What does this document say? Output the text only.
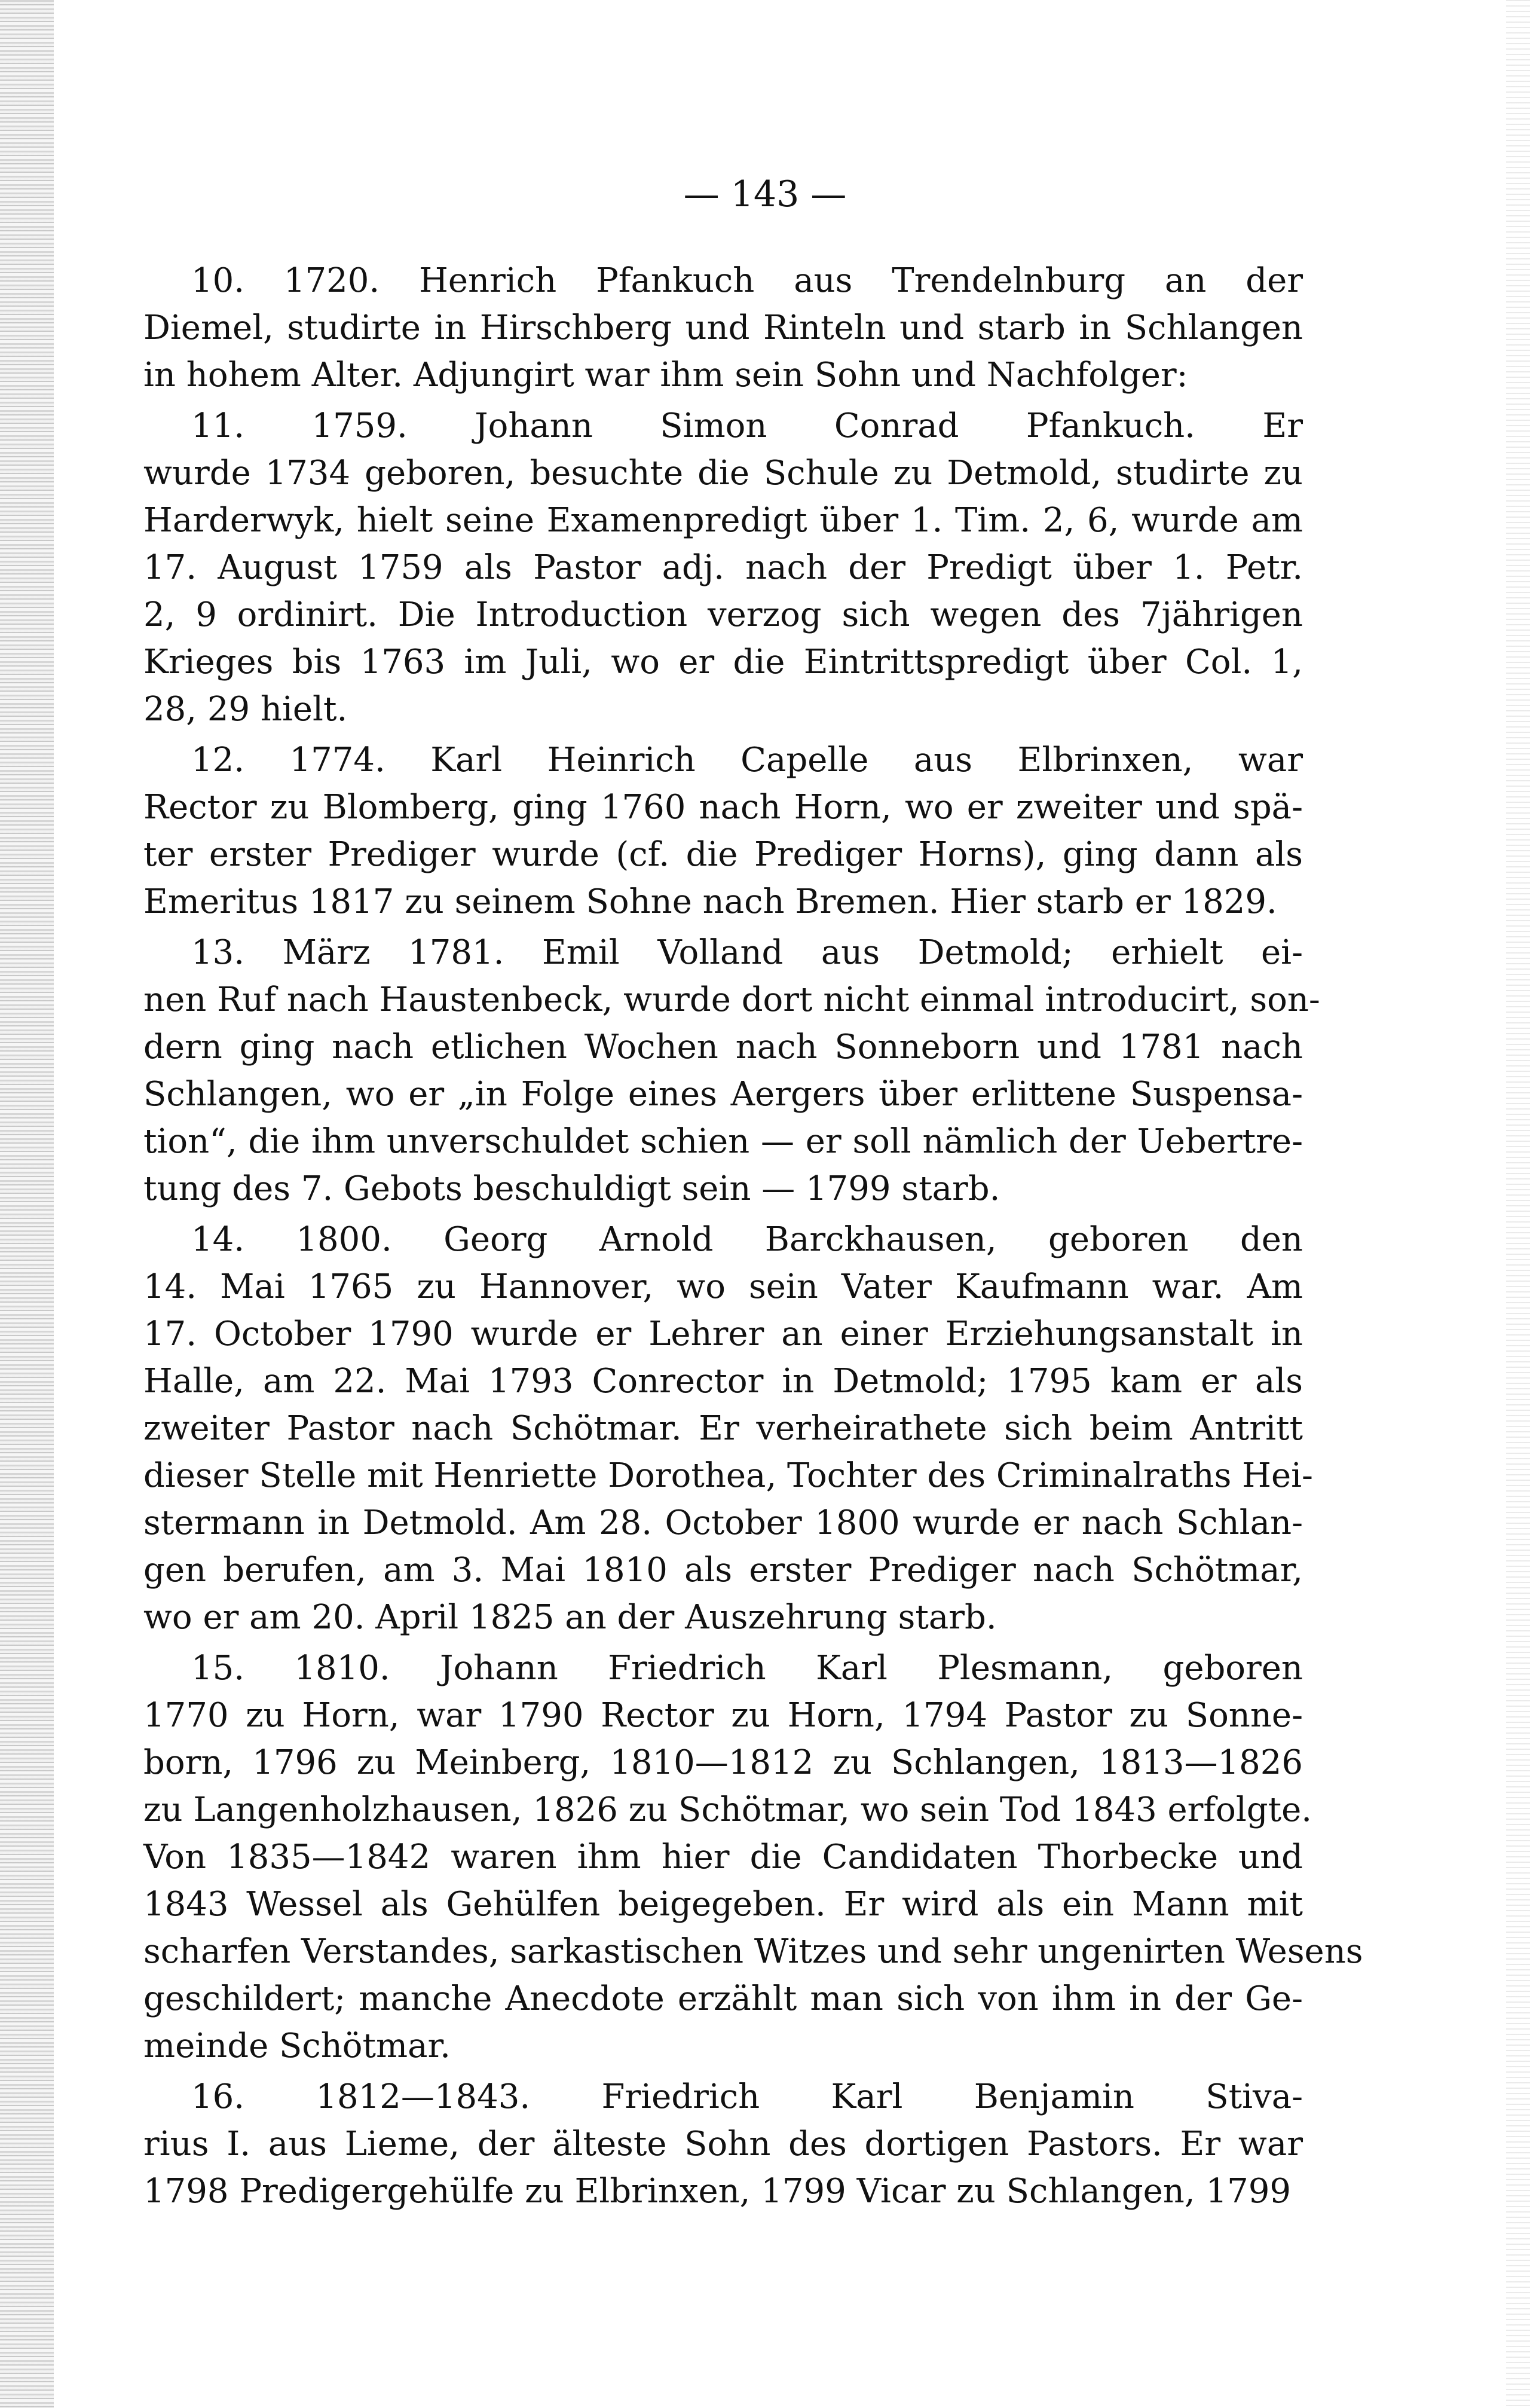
— 143 —
10. 1720. Henrich Pfankuch aus Trendelnburg an der
Diemel, studirte in Hirschberg und Rinteln und starb in Schlangen
in hohem Alter. Adjungirt war ihm sein Sohn und Nachfolger:
11. 1759. Johann Simon Conrad Pfankuch. Er
wurde 1734 geboren, besuchte die Schule zu Detmold, studirte zu
Harderwyk, hielt seine Examenpredigt über 1. Tim. 2, 6, wurde am
17. August 1759 als Pastor adj. nach der Predigt über 1. Petr.
2, 9 ordinirt. Die Introduction verzog sich wegen des 7jährigen
Krieges bis 1763 im Juli, wo er die Eintrittspredigt über Col. 1,
28, 29 hielt.
12. 1774. Karl Heinrich Capelle aus Elbrinxen, war
Rector zu Blomberg, ging 1760 nach Horn, wo er zweiter und spä-
ter erster Prediger wurde (cf. die Prediger Horns), ging dann als
Emeritus 1817 zu seinem Sohne nach Bremen. Hier starb er 1829.
13. März 1781. Emil Volland aus Detmold; erhielt ei-
nen Ruf nach Haustenbeck, wurde dort nicht einmal introducirt, son-
dern ging nach etlichen Wochen nach Sonneborn und 1781 nach
Schlangen, wo er „in Folge eines Aergers über erlittene Suspensa-
tion“, die ihm unverschuldet schien — er soll nämlich der Uebertre-
tung des 7. Gebots beschuldigt sein — 1799 starb.
14. 1800. Georg Arnold Barckhausen, geboren den
14. Mai 1765 zu Hannover, wo sein Vater Kaufmann war. Am
17. October 1790 wurde er Lehrer an einer Erziehungsanstalt in
Halle, am 22. Mai 1793 Conrector in Detmold; 1795 kam er als
zweiter Pastor nach Schötmar. Er verheirathete sich beim Antritt
dieser Stelle mit Henriette Dorothea, Tochter des Criminalraths Hei-
stermann in Detmold. Am 28. October 1800 wurde er nach Schlan-
gen berufen, am 3. Mai 1810 als erster Prediger nach Schötmar,
wo er am 20. April 1825 an der Auszehrung starb.
15. 1810. Johann Friedrich Karl Plesmann, geboren
1770 zu Horn, war 1790 Rector zu Horn, 1794 Pastor zu Sonne-
born, 1796 zu Meinberg, 1810—1812 zu Schlangen, 1813—1826
zu Langenholzhausen, 1826 zu Schötmar, wo sein Tod 1843 erfolgte.
Von 1835—1842 waren ihm hier die Candidaten Thorbecke und
1843 Wessel als Gehülfen beigegeben. Er wird als ein Mann mit
scharfen Verstandes, sarkastischen Witzes und sehr ungenirten Wesens
geschildert; manche Anecdote erzählt man sich von ihm in der Ge-
meinde Schötmar.
16. 1812—1843. Friedrich Karl Benjamin Stiva-
rius I. aus Lieme, der älteste Sohn des dortigen Pastors. Er war
1798 Predigergehülfe zu Elbrinxen, 1799 Vicar zu Schlangen, 1799
